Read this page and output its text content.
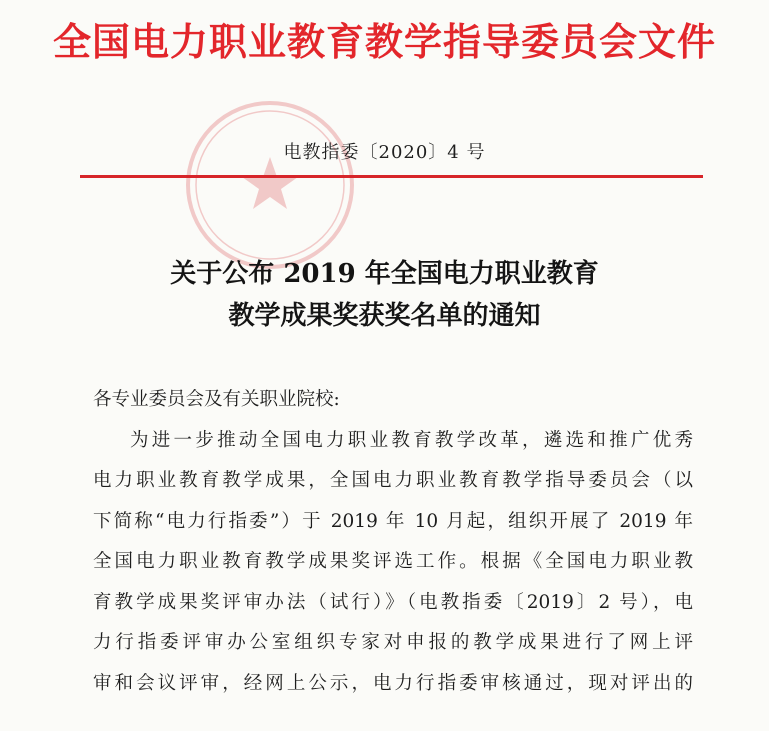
全国电力职业教育教学指导委员会文件
电教指委〔2020〕4 号
关于公布 2019 年全国电力职业教育
教学成果奖获奖名单的通知
各专业委员会及有关职业院校:
为进一步推动全国电力职业教育教学改革，遴选和推广优秀
电力职业教育教学成果，全国电力职业教育教学指导委员会（以
下简称“电力行指委”）于 2019 年 10 月起，组织开展了 2019 年
全国电力职业教育教学成果奖评选工作。根据《全国电力职业教
育教学成果奖评审办法（试行）》（电教指委〔2019〕2 号），电
力行指委评审办公室组织专家对申报的教学成果进行了网上评
审和会议评审，经网上公示，电力行指委审核通过，现对评出的
